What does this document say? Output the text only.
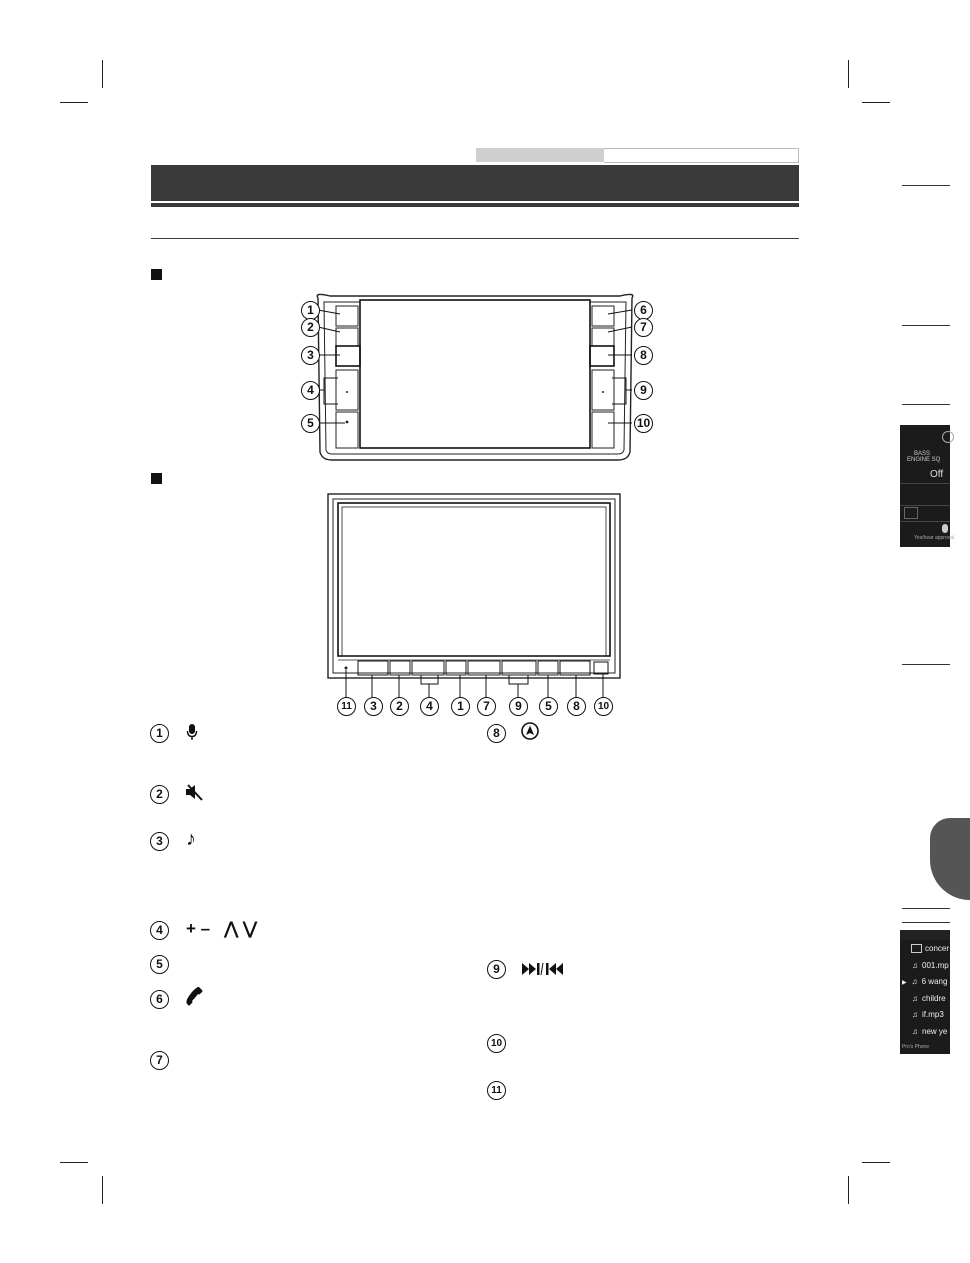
1
2
3
4
5
6
7
8
9
10
11	3	2	4	1	7	9	5	8	10
1
2
3	♪
4	+ –   ⋀ ⋁
5
6
7
8
9
10
11
BASS
ENGINE SQ
Off
Yes/hear approval
concer
♫ 001.mp
▶ ♫ 6 wang
♫ childre
♫ if.mp3
♫ new ye
Pro's Phone
